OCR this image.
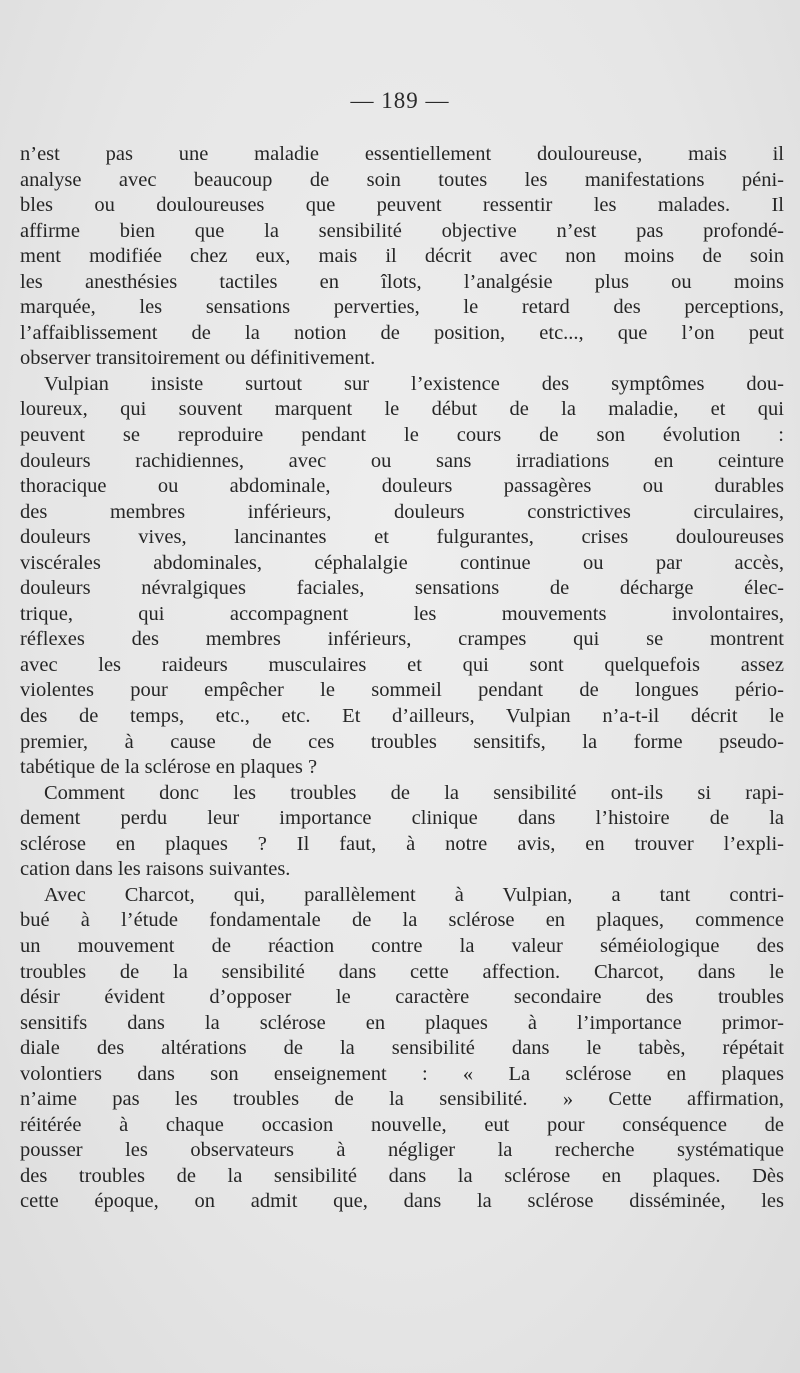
— 189 —
n’est pas une maladie essentiellement douloureuse, mais il
analyse avec beaucoup de soin toutes les manifestations péni-
bles ou douloureuses que peuvent ressentir les malades. Il
affirme bien que la sensibilité objective n’est pas profondé-
ment modifiée chez eux, mais il décrit avec non moins de soin
les anesthésies tactiles en îlots, l’analgésie plus ou moins
marquée, les sensations perverties, le retard des perceptions,
l’affaiblissement de la notion de position, etc..., que l’on peut
observer transitoirement ou définitivement.
Vulpian insiste surtout sur l’existence des symptômes dou-
loureux, qui souvent marquent le début de la maladie, et qui
peuvent se reproduire pendant le cours de son évolution :
douleurs rachidiennes, avec ou sans irradiations en ceinture
thoracique ou abdominale, douleurs passagères ou durables
des membres inférieurs, douleurs constrictives circulaires,
douleurs vives, lancinantes et fulgurantes, crises douloureuses
viscérales abdominales, céphalalgie continue ou par accès,
douleurs névralgiques faciales, sensations de décharge élec-
trique, qui accompagnent les mouvements involontaires,
réflexes des membres inférieurs, crampes qui se montrent
avec les raideurs musculaires et qui sont quelquefois assez
violentes pour empêcher le sommeil pendant de longues pério-
des de temps, etc., etc. Et d’ailleurs, Vulpian n’a-t-il décrit le
premier, à cause de ces troubles sensitifs, la forme pseudo-
tabétique de la sclérose en plaques ?
Comment donc les troubles de la sensibilité ont-ils si rapi-
dement perdu leur importance clinique dans l’histoire de la
sclérose en plaques ? Il faut, à notre avis, en trouver l’expli-
cation dans les raisons suivantes.
Avec Charcot, qui, parallèlement à Vulpian, a tant contri-
bué à l’étude fondamentale de la sclérose en plaques, commence
un mouvement de réaction contre la valeur séméiologique des
troubles de la sensibilité dans cette affection. Charcot, dans le
désir évident d’opposer le caractère secondaire des troubles
sensitifs dans la sclérose en plaques à l’importance primor-
diale des altérations de la sensibilité dans le tabès, répétait
volontiers dans son enseignement : « La sclérose en plaques
n’aime pas les troubles de la sensibilité. » Cette affirmation,
réitérée à chaque occasion nouvelle, eut pour conséquence de
pousser les observateurs à négliger la recherche systématique
des troubles de la sensibilité dans la sclérose en plaques. Dès
cette époque, on admit que, dans la sclérose disséminée, les
